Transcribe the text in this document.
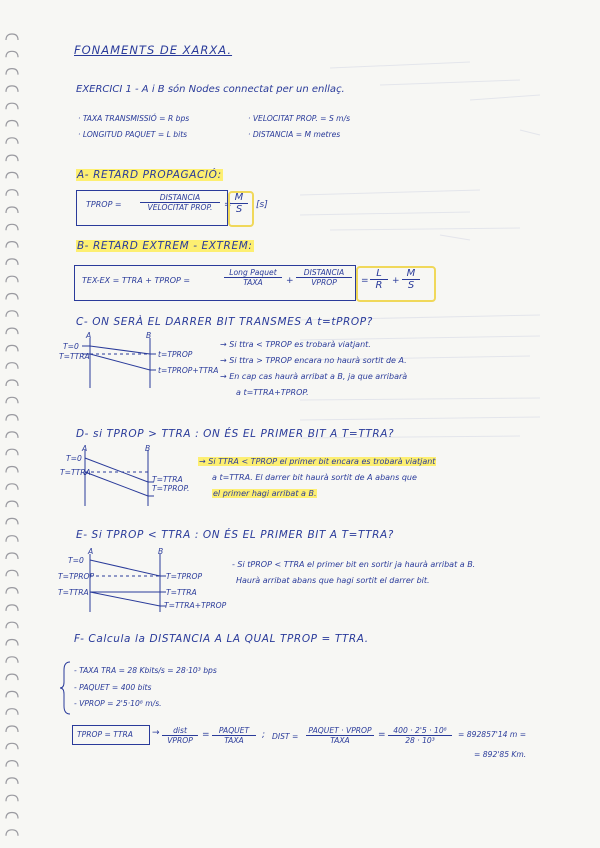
FONAMENTS DE XARXA.
EXERCICI 1 - A i B són Nodes connectat per un enllaç.
· TAXA TRANSMISSIÓ = R bps	· VELOCITAT PROP. = S m/s
· LONGITUD PAQUET = L bits	· DISTANCIA = M metres
A- RETARD PROPAGACIÓ:
TPROP =
DISTANCIA
VELOCITAT PROP.	=
$\frac{M}{S} [s]$
B- RETARD EXTREM - EXTREM:
TEX-EX = TTRA + TPROP =
Long Paquet
TAXA	+
DISTANCIA
VPROP	= $\frac{L}{R} + \frac{M}{S}$
C- ON SERÀ EL DARRER BIT TRANSMES A t=tPROP?
A	B
T=0
T=TTRA	t=TPROP
t=TPROP+TTRA
→ Si ttra < TPROP es trobarà viatjant.
→ Si ttra > TPROP encara no haurà sortit de A.
→ En cap cas haurà arribat a B, ja que arribarà
a t=TTRA+TPROP.
D- si TPROP > TTRA : ON ÉS EL PRIMER BIT A T=TTRA?
A	B
T=0
T=TTRA
T=TTRA
T=TPROP.
→ Si TTRA < TPROP el primer bit encara es trobarà viatjant
a t=TTRA. El darrer bit haurà sortit de A abans que
el primer hagi arribat a B.
E- Si TPROP < TTRA : ON ÉS EL PRIMER BIT A T=TTRA?
A	B
T=0
T=TPROP
T=TTRA
T=TPROP
T=TTRA
T=TTRA+TPROP
- Si tPROP < TTRA el primer bit en sortir ja haurà arribat a B.
Haurà arribat abans que hagi sortit el darrer bit.
F- Calcula la DISTANCIA A LA QUAL TPROP = TTRA.
- TAXA TRA = 28 Kbits/s = 28·10³ bps
- PAQUET = 400 bits
- VPROP = 2'5·10⁸ m/s.
TPROP = TTRA →	dist
VPROP
=	PAQUET
TAXA
; DIST =
PAQUET · VPROP
TAXA
= $\frac{\text{400 · 2'5 · 10⁸}}{\text{28 · 10³}} = 892857'14$ m =
= 892'85 Km.
